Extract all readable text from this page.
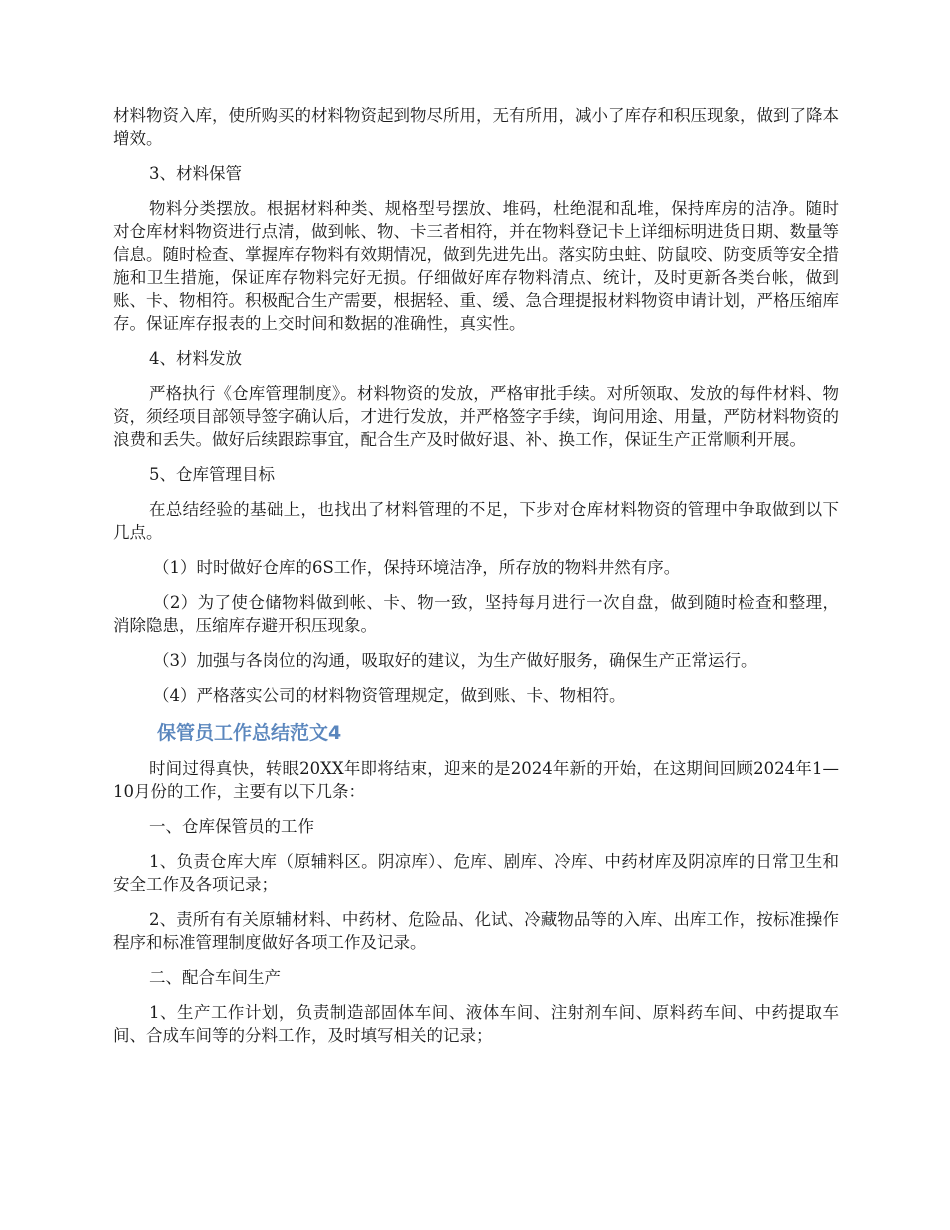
材料物资入库，使所购买的材料物资起到物尽所用，无有所用，减小了库存和积压现象，做到了降本增效。

3、材料保管

物料分类摆放。根据材料种类、规格型号摆放、堆码，杜绝混和乱堆，保持库房的洁净。随时对仓库材料物资进行点清，做到帐、物、卡三者相符，并在物料登记卡上详细标明进货日期、数量等信息。随时检查、掌握库存物料有效期情况，做到先进先出。落实防虫蛀、防鼠咬、防变质等安全措施和卫生措施，保证库存物料完好无损。仔细做好库存物料清点、统计，及时更新各类台帐，做到账、卡、物相符。积极配合生产需要，根据轻、重、缓、急合理提报材料物资申请计划，严格压缩库存。保证库存报表的上交时间和数据的准确性，真实性。

4、材料发放

严格执行《仓库管理制度》。材料物资的发放，严格审批手续。对所领取、发放的每件材料、物资，须经项目部领导签字确认后，才进行发放，并严格签字手续，询问用途、用量，严防材料物资的浪费和丢失。做好后续跟踪事宜，配合生产及时做好退、补、换工作，保证生产正常顺利开展。

5、仓库管理目标

在总结经验的基础上，也找出了材料管理的不足，下步对仓库材料物资的管理中争取做到以下几点。

（1）时时做好仓库的6S工作，保持环境洁净，所存放的物料井然有序。

（2）为了使仓储物料做到帐、卡、物一致，坚持每月进行一次自盘，做到随时检查和整理，消除隐患，压缩库存避开积压现象。

（3）加强与各岗位的沟通，吸取好的建议，为生产做好服务，确保生产正常运行。

（4）严格落实公司的材料物资管理规定，做到账、卡、物相符。

保管员工作总结范文4

时间过得真快，转眼20XX年即将结束，迎来的是2024年新的开始，在这期间回顾2024年1—10月份的工作，主要有以下几条：

一、仓库保管员的工作

1、负责仓库大库（原辅料区。阴凉库）、危库、剧库、冷库、中药材库及阴凉库的日常卫生和安全工作及各项记录；

2、责所有有关原辅材料、中药材、危险品、化试、冷藏物品等的入库、出库工作，按标准操作程序和标准管理制度做好各项工作及记录。

二、配合车间生产

1、生产工作计划，负责制造部固体车间、液体车间、注射剂车间、原料药车间、中药提取车间、合成车间等的分料工作，及时填写相关的记录；
